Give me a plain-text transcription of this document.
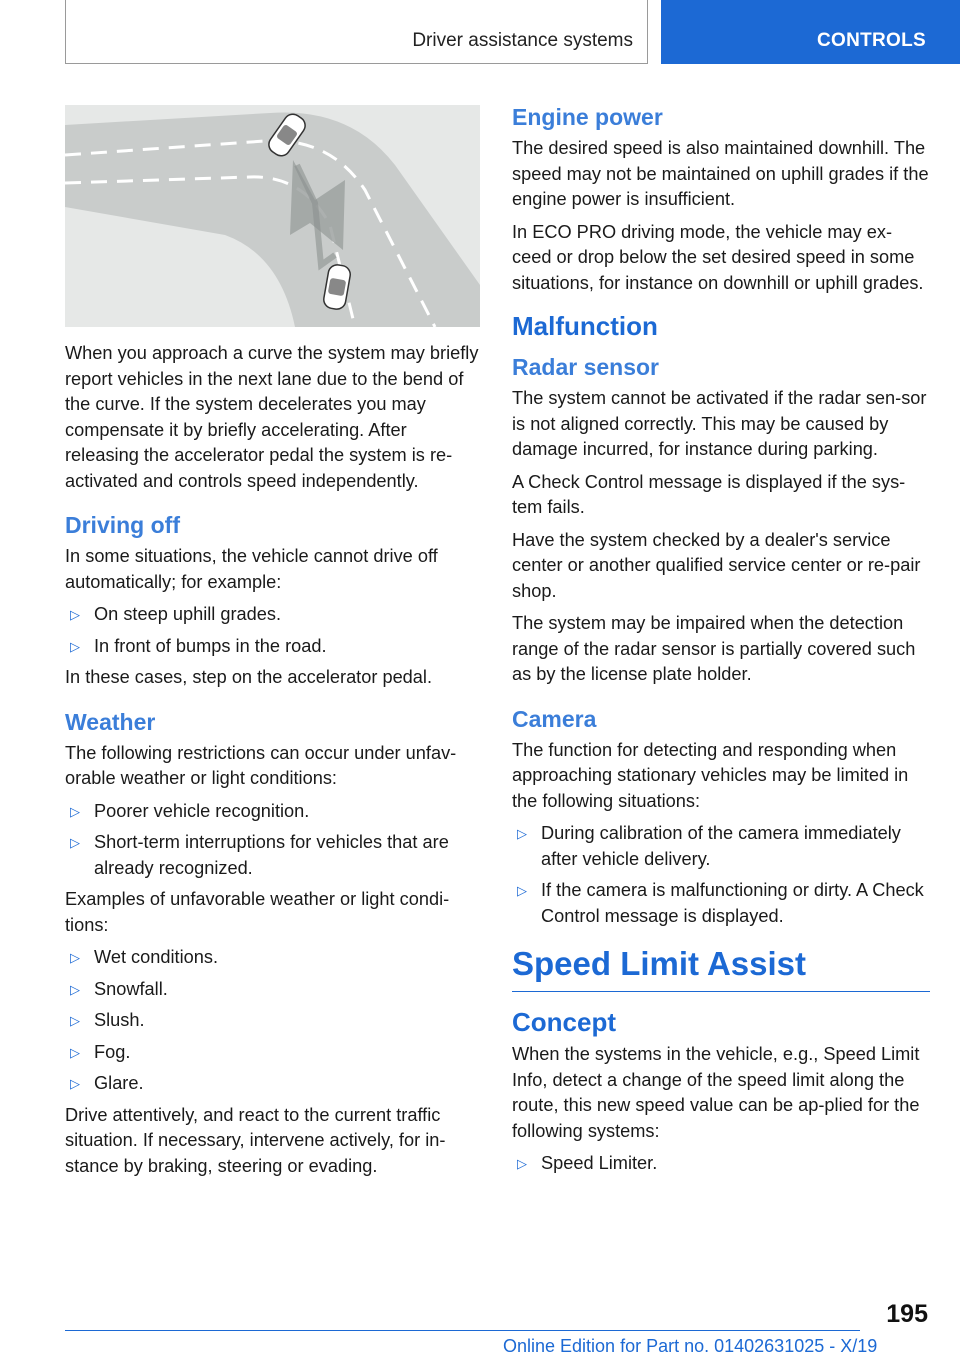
Driver assistance systems	CONTROLS

When you approach a curve the system may briefly report vehicles in the next lane due to the bend of the curve. If the system decelerates you may compensate it by briefly accelerating. After releasing the accelerator pedal the system is re-activated and controls speed independently.

Driving off

In some situations, the vehicle cannot drive off automatically; for example:

▷ On steep uphill grades.
▷ In front of bumps in the road.

In these cases, step on the accelerator pedal.

Weather

The following restrictions can occur under unfav-orable weather or light conditions:

▷ Poorer vehicle recognition.
▷ Short-term interruptions for vehicles that are already recognized.

Examples of unfavorable weather or light condi-tions:

▷ Wet conditions.
▷ Snowfall.
▷ Slush.
▷ Fog.
▷ Glare.

Drive attentively, and react to the current traffic situation. If necessary, intervene actively, for in-stance by braking, steering or evading.

Engine power

The desired speed is also maintained downhill. The speed may not be maintained on uphill grades if the engine power is insufficient.

In ECO PRO driving mode, the vehicle may ex-ceed or drop below the set desired speed in some situations, for instance on downhill or uphill grades.

Malfunction
Radar sensor

The system cannot be activated if the radar sen-sor is not aligned correctly. This may be caused by damage incurred, for instance during parking.

A Check Control message is displayed if the sys-tem fails.

Have the system checked by a dealer's service center or another qualified service center or re-pair shop.

The system may be impaired when the detection range of the radar sensor is partially covered such as by the license plate holder.

Camera

The function for detecting and responding when approaching stationary vehicles may be limited in the following situations:

▷ During calibration of the camera immediately after vehicle delivery.
▷ If the camera is malfunctioning or dirty. A Check Control message is displayed.
Speed Limit Assist
Concept

When the systems in the vehicle, e.g., Speed Limit Info, detect a change of the speed limit along the route, this new speed value can be ap-plied for the following systems:

▷ Speed Limiter.
195
Online Edition for Part no. 01402631025 - X/19
